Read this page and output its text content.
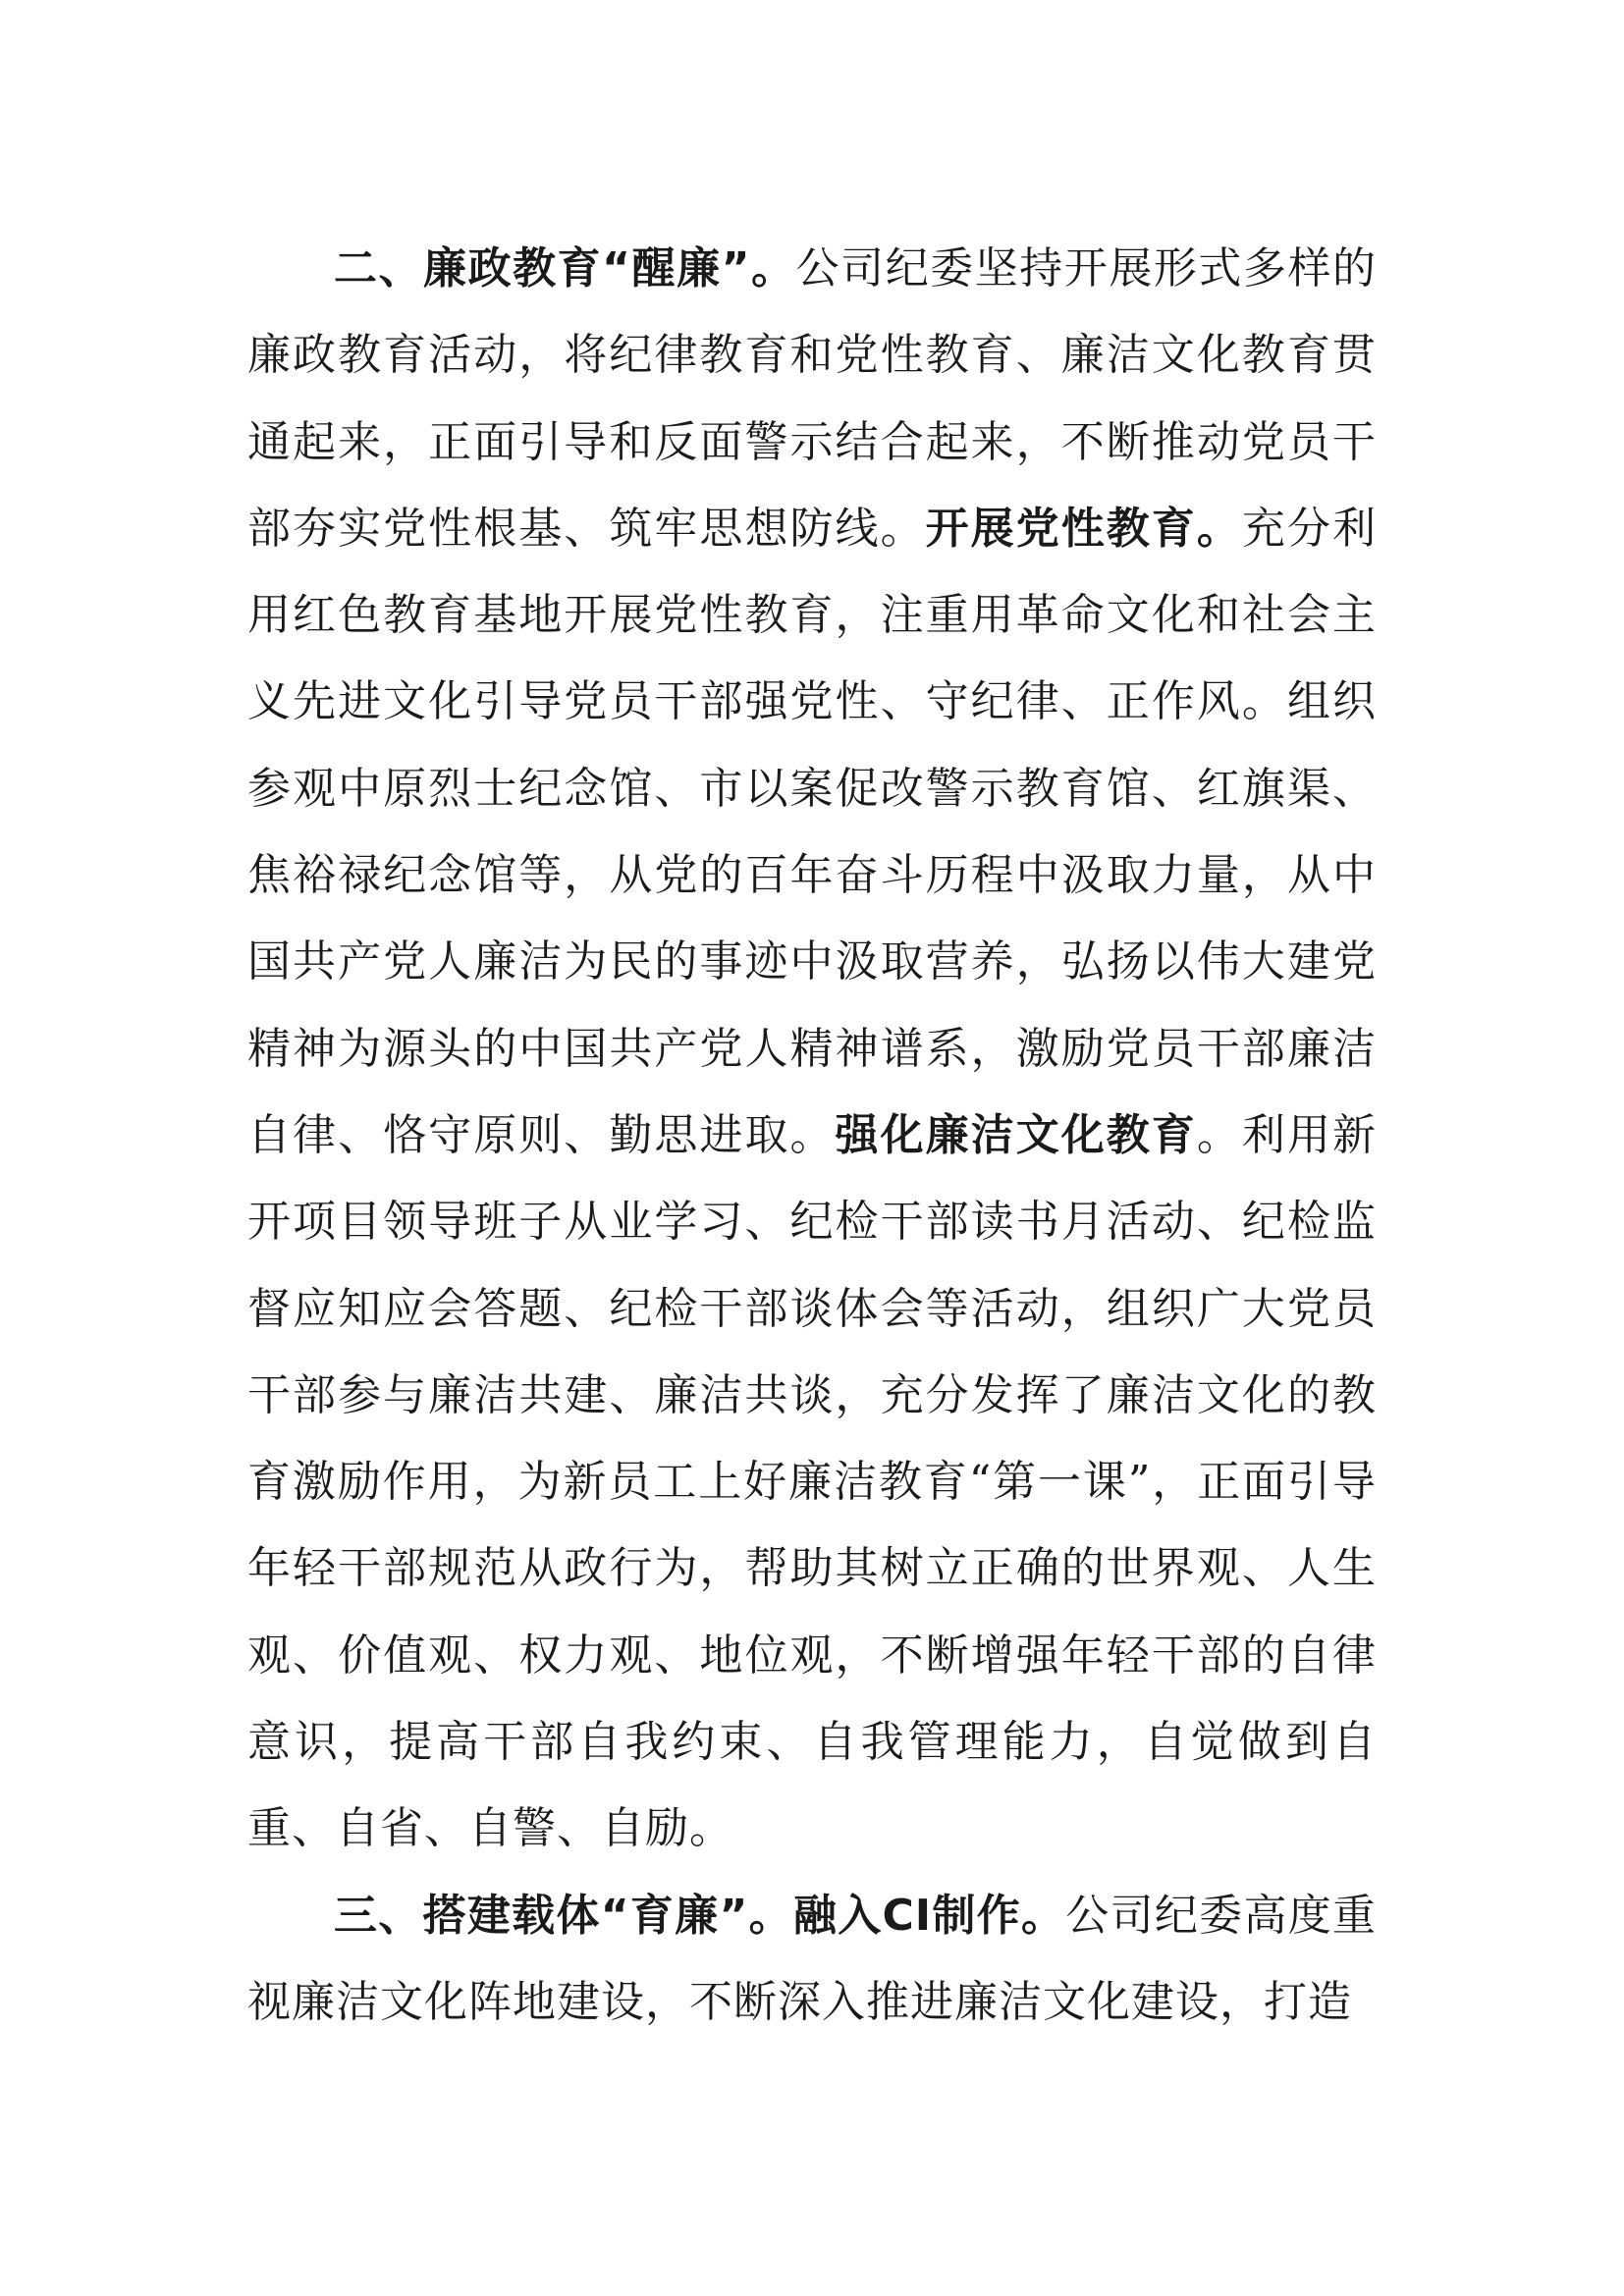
二、廉政教育“醒廉”。公司纪委坚持开展形式多样的廉政教育活动，将纪律教育和党性教育、廉洁文化教育贯通起来，正面引导和反面警示结合起来，不断推动党员干部夯实党性根基、筑牢思想防线。开展党性教育。充分利用红色教育基地开展党性教育，注重用革命文化和社会主义先进文化引导党员干部强党性、守纪律、正作风。组织参观中原烈士纪念馆、市以案促改警示教育馆、红旗渠、焦裕禄纪念馆等，从党的百年奋斗历程中汲取力量，从中国共产党人廉洁为民的事迹中汲取营养，弘扬以伟大建党精神为源头的中国共产党人精神谱系，激励党员干部廉洁自律、恪守原则、勤思进取。强化廉洁文化教育。利用新开项目领导班子从业学习、纪检干部读书月活动、纪检监督应知应会答题、纪检干部谈体会等活动，组织广大党员干部参与廉洁共建、廉洁共谈，充分发挥了廉洁文化的教育激励作用，为新员工上好廉洁教育“第一课”，正面引导年轻干部规范从政行为，帮助其树立正确的世界观、人生观、价值观、权力观、地位观，不断增强年轻干部的自律意识，提高干部自我约束、自我管理能力，自觉做到自重、自省、自警、自励。

三、搭建载体“育廉”。融入CI制作。公司纪委高度重视廉洁文化阵地建设，不断深入推进廉洁文化建设，打造
